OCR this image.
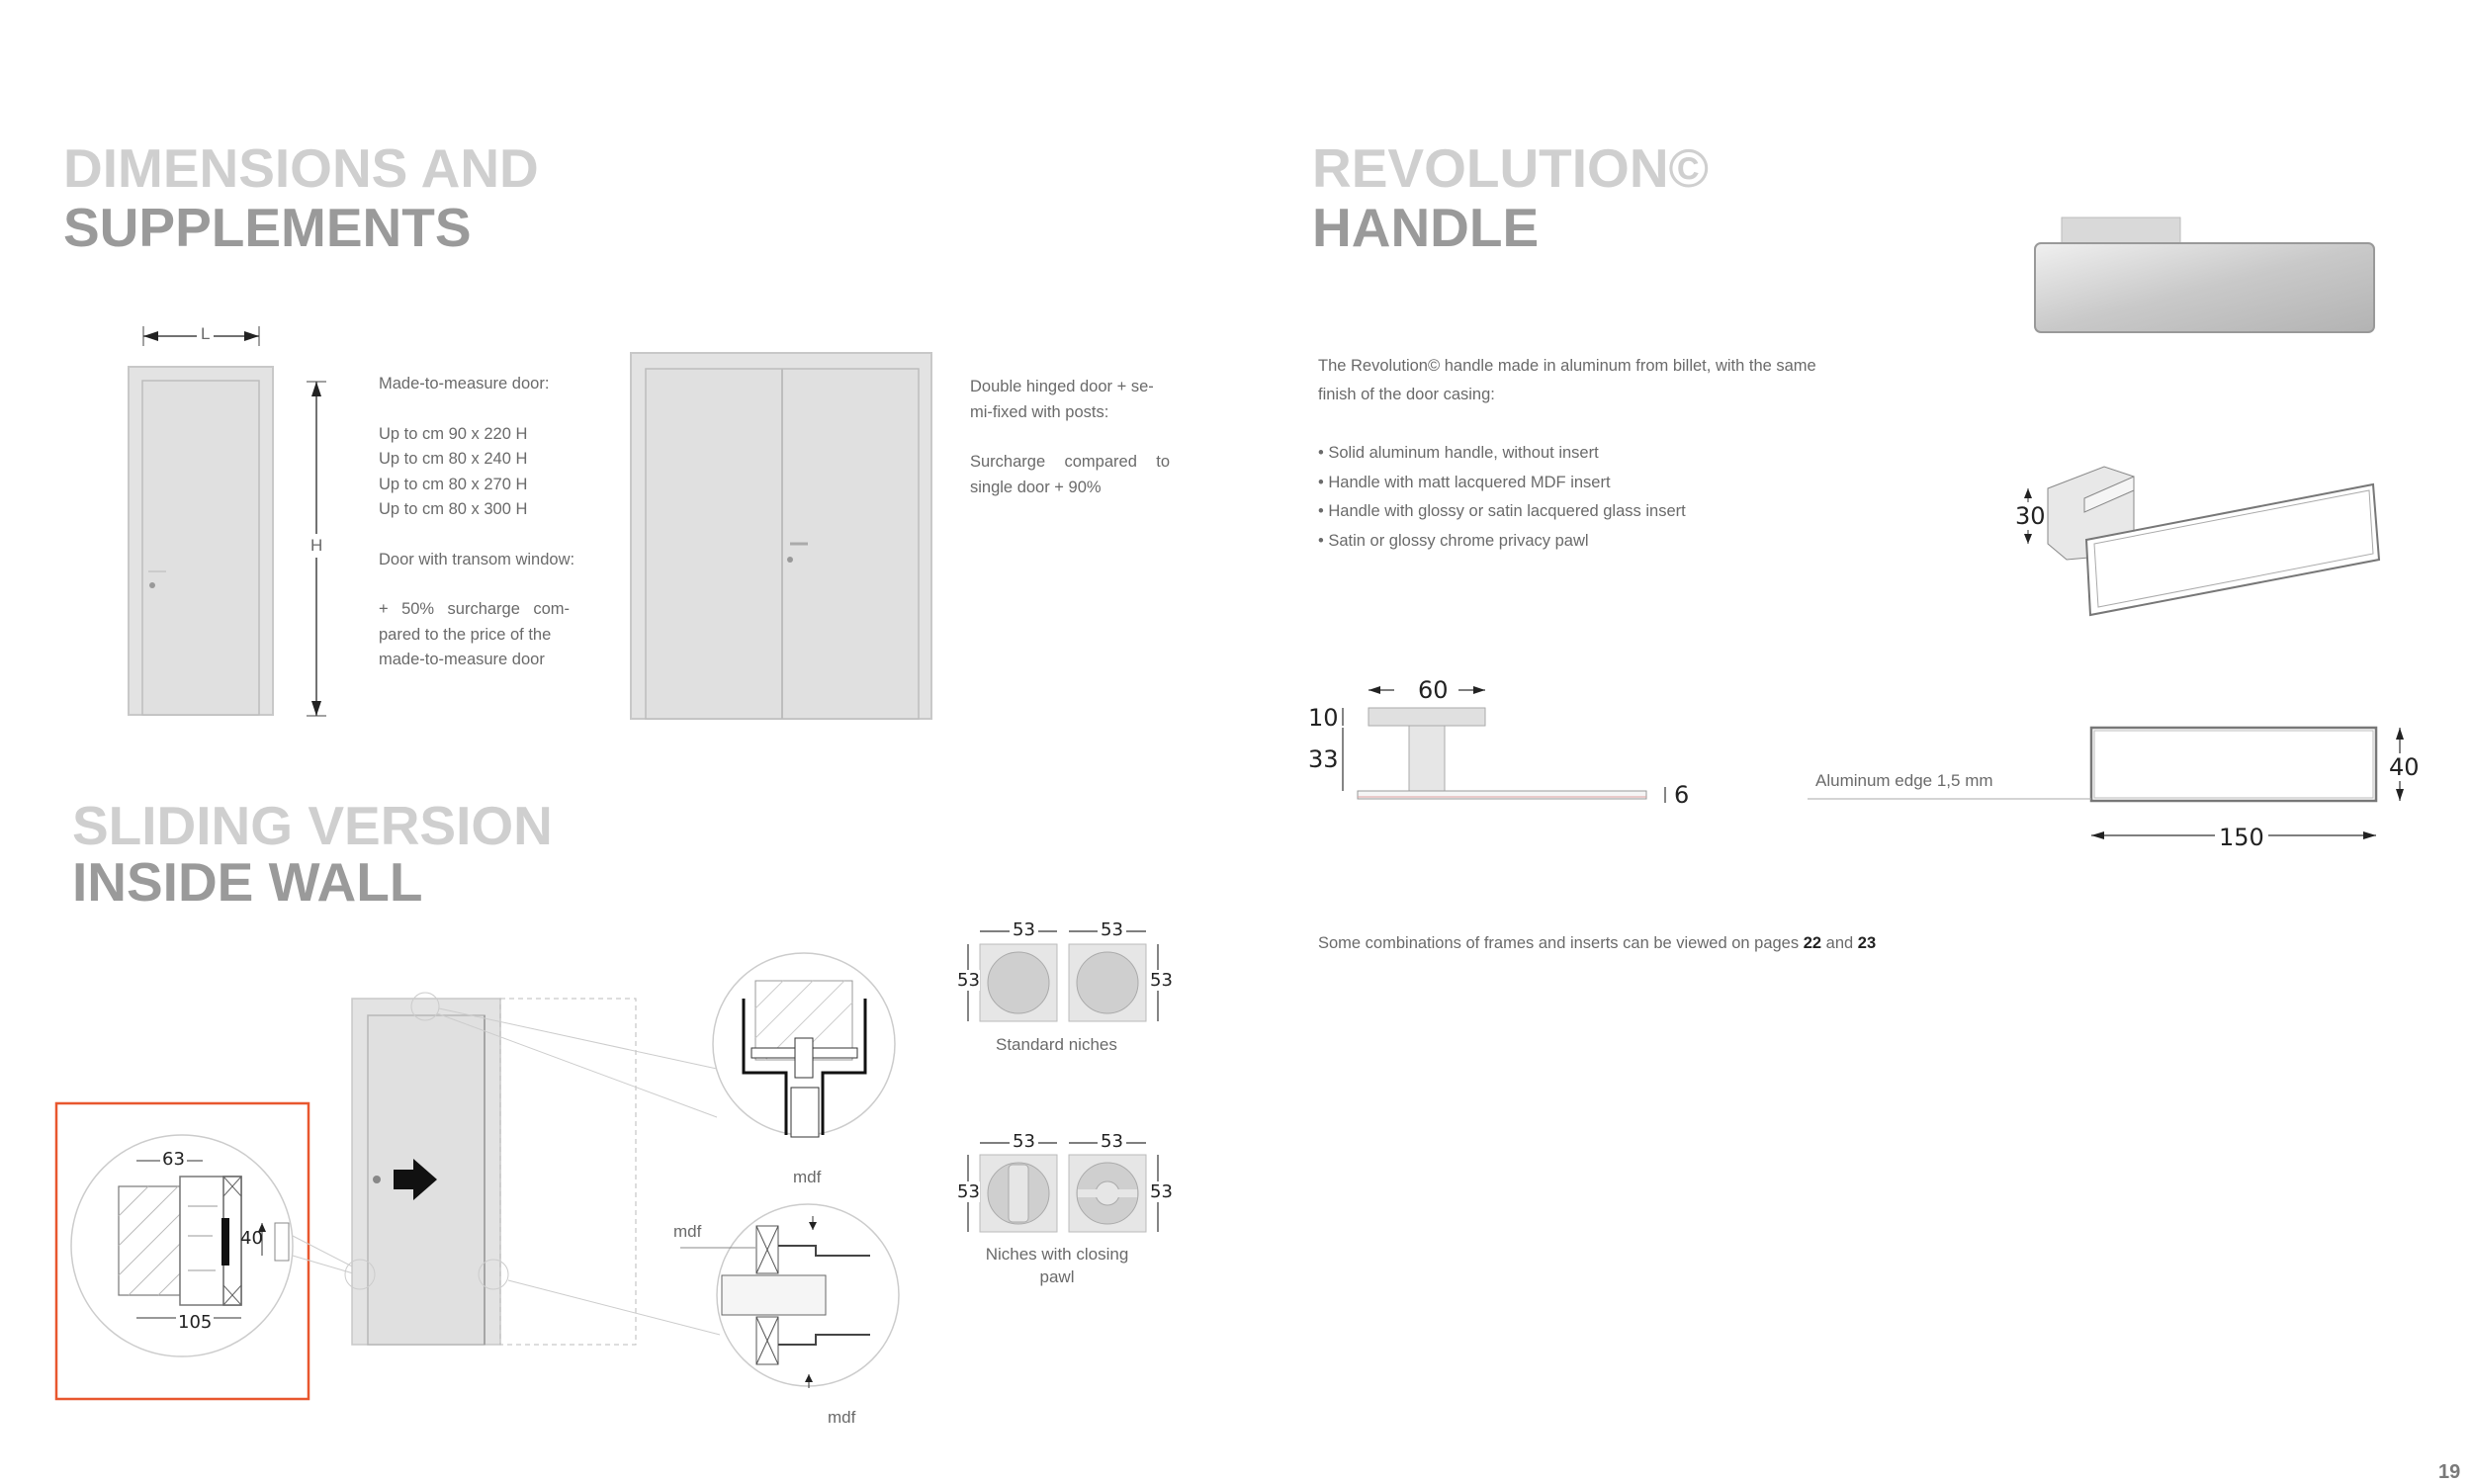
DIMENSIONS AND
SUPPLEMENTS
L
H
Made-to-measure door:
Up to cm 90 x 220 H
Up to cm 80 x 240 H
Up to cm 80 x 270 H
Up to cm 80 x 300 H
Door with transom window:
+ 50% surcharge com-
pared to the price of the
made-to-measure door
Double hinged door + se-
mi-fixed with posts:
Surcharge compared to
single door + 90%
SLIDING VERSION
INSIDE WALL
63
40
105
mdf
mdf
mdf
53	53
53	53
Standard niches
53	53
53	53
Niches with closing
pawl
REVOLUTION©
HANDLE
The Revolution© handle made in aluminum from billet, with the same
finish of the door casing:
• Solid aluminum handle, without insert
• Handle with matt lacquered MDF insert
• Handle with glossy or satin lacquered glass insert
• Satin or glossy chrome privacy pawl
30
60
10
33
6
Aluminum edge 1,5 mm	40
150
Some combinations of frames and inserts can be viewed on pages 22 and 23
19
